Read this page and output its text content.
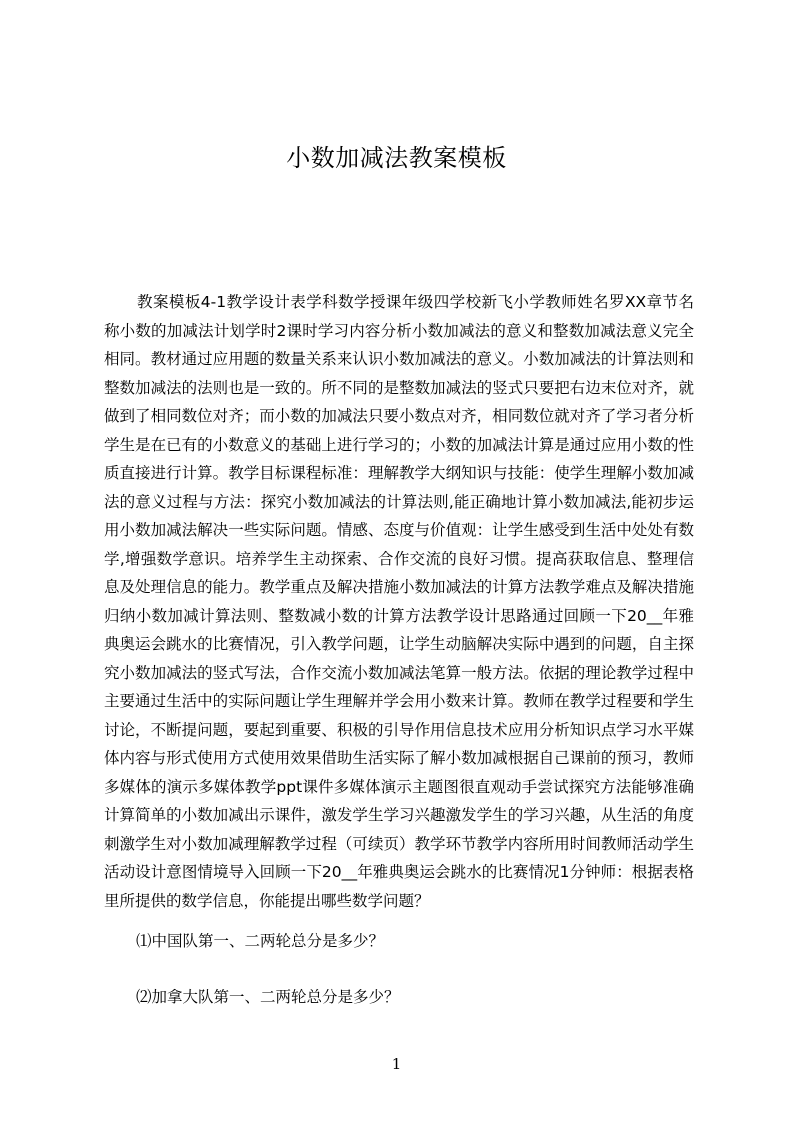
小数加减法教案模板

教案模板4-1教学设计表学科数学授课年级四学校新飞小学教师姓名罗XX章节名称小数的加减法计划学时2课时学习内容分析小数加减法的意义和整数加减法意义完全相同。教材通过应用题的数量关系来认识小数加减法的意义。小数加减法的计算法则和整数加减法的法则也是一致的。所不同的是整数加减法的竖式只要把右边末位对齐，就做到了相同数位对齐；而小数的加减法只要小数点对齐，相同数位就对齐了学习者分析学生是在已有的小数意义的基础上进行学习的；小数的加减法计算是通过应用小数的性质直接进行计算。教学目标课程标准：理解教学大纲知识与技能：使学生理解小数加减法的意义过程与方法：探究小数加减法的计算法则,能正确地计算小数加减法,能初步运用小数加减法解决一些实际问题。情感、态度与价值观：让学生感受到生活中处处有数学,增强数学意识。培养学生主动探索、合作交流的良好习惯。提高获取信息、整理信息及处理信息的能力。教学重点及解决措施小数加减法的计算方法教学难点及解决措施归纳小数加减计算法则、整数减小数的计算方法教学设计思路通过回顾一下20__年雅典奥运会跳水的比赛情况，引入教学问题，让学生动脑解决实际中遇到的问题，自主探究小数加减法的竖式写法，合作交流小数加减法笔算一般方法。依据的理论教学过程中主要通过生活中的实际问题让学生理解并学会用小数来计算。教师在教学过程要和学生讨论，不断提问题，要起到重要、积极的引导作用信息技术应用分析知识点学习水平媒体内容与形式使用方式使用效果借助生活实际了解小数加减根据自己课前的预习，教师多媒体的演示多媒体教学ppt课件多媒体演示主题图很直观动手尝试探究方法能够准确计算简单的小数加减出示课件，激发学生学习兴趣激发学生的学习兴趣，从生活的角度刺激学生对小数加减理解教学过程（可续页）教学环节教学内容所用时间教师活动学生活动设计意图情境导入回顾一下20__年雅典奥运会跳水的比赛情况1分钟师：根据表格里所提供的数学信息，你能提出哪些数学问题？

⑴中国队第一、二两轮总分是多少？

⑵加拿大队第一、二两轮总分是多少？

1
